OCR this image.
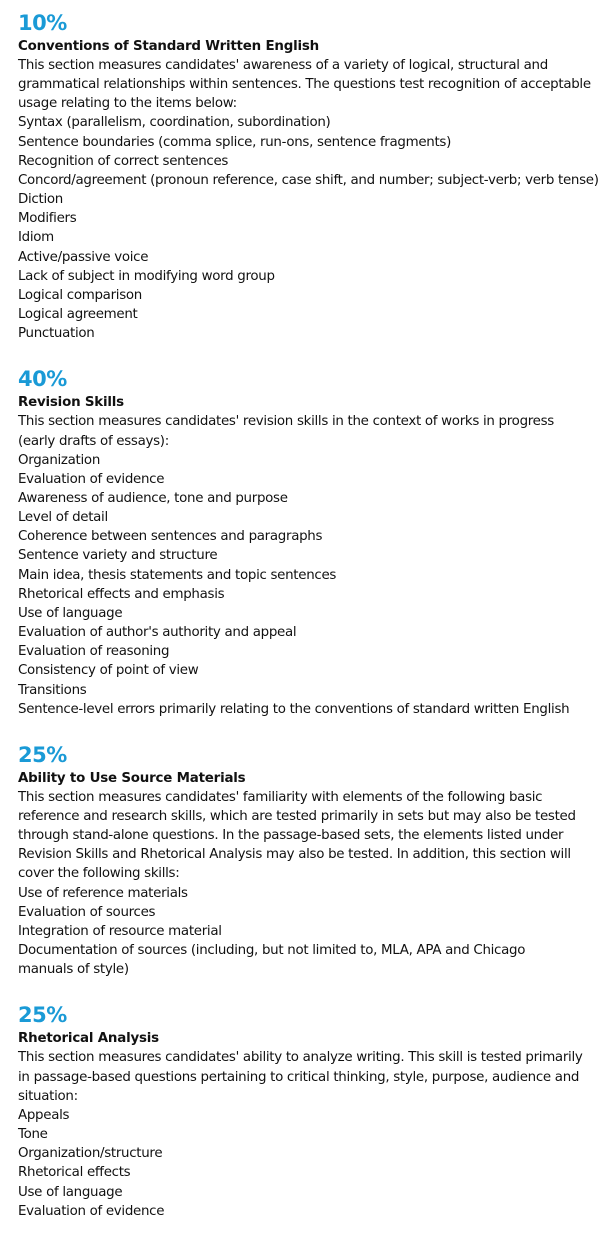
10%
Conventions of Standard Written English
This section measures candidates' awareness of a variety of logical, structural and
grammatical relationships within sentences. The questions test recognition of acceptable
usage relating to the items below:
Syntax (parallelism, coordination, subordination)
Sentence boundaries (comma splice, run-ons, sentence fragments)
Recognition of correct sentences
Concord/agreement (pronoun reference, case shift, and number; subject-verb; verb tense)
Diction
Modifiers
Idiom
Active/passive voice
Lack of subject in modifying word group
Logical comparison
Logical agreement
Punctuation
40%
Revision Skills
This section measures candidates' revision skills in the context of works in progress
(early drafts of essays):
Organization
Evaluation of evidence
Awareness of audience, tone and purpose
Level of detail
Coherence between sentences and paragraphs
Sentence variety and structure
Main idea, thesis statements and topic sentences
Rhetorical effects and emphasis
Use of language
Evaluation of author's authority and appeal
Evaluation of reasoning
Consistency of point of view
Transitions
Sentence-level errors primarily relating to the conventions of standard written English
25%
Ability to Use Source Materials
This section measures candidates' familiarity with elements of the following basic
reference and research skills, which are tested primarily in sets but may also be tested
through stand-alone questions. In the passage-based sets, the elements listed under
Revision Skills and Rhetorical Analysis may also be tested. In addition, this section will
cover the following skills:
Use of reference materials
Evaluation of sources
Integration of resource material
Documentation of sources (including, but not limited to, MLA, APA and Chicago
manuals of style)
25%
Rhetorical Analysis
This section measures candidates' ability to analyze writing. This skill is tested primarily
in passage-based questions pertaining to critical thinking, style, purpose, audience and
situation:
Appeals
Tone
Organization/structure
Rhetorical effects
Use of language
Evaluation of evidence
